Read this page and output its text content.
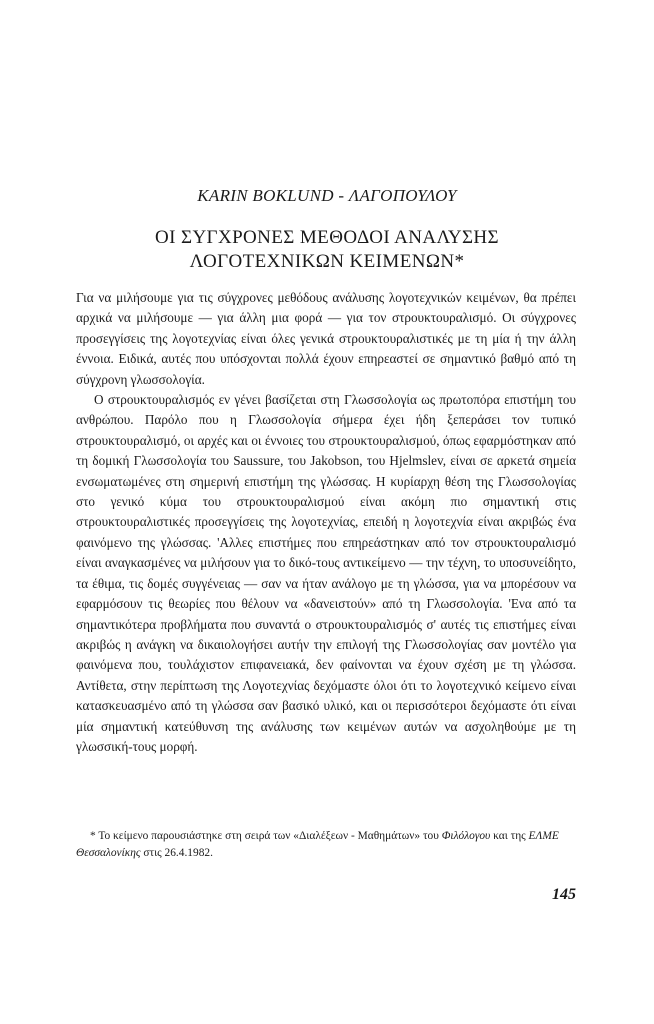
KARIN BOKLUND - ΛΑΓΟΠΟΥΛΟΥ
ΟΙ ΣΥΓΧΡΟΝΕΣ ΜΕΘΟΔΟΙ ΑΝΑΛΥΣΗΣ
ΛΟΓΟΤΕΧΝΙΚΩΝ ΚΕΙΜΕΝΩΝ*

Για να μιλήσουμε για τις σύγχρονες μεθόδους ανάλυσης λογοτεχνικών κειμένων, θα πρέπει αρχικά να μιλήσουμε — για άλλη μια φορά — για τον στρουκτουραλισμό. Οι σύγχρονες προσεγγίσεις της λογοτεχνίας είναι όλες γενικά στρουκτουραλιστικές με τη μία ή την άλλη έννοια. Ειδικά, αυτές που υπόσχονται πολλά έχουν επηρεαστεί σε σημαντικό βαθμό από τη σύγχρονη γλωσσολογία.

Ο στρουκτουραλισμός εν γένει βασίζεται στη Γλωσσολογία ως πρωτοπόρα επιστήμη του ανθρώπου. Παρόλο που η Γλωσσολογία σήμερα έχει ήδη ξεπεράσει τον τυπικό στρουκτουραλισμό, οι αρχές και οι έννοιες του στρουκτουραλισμού, όπως εφαρμόστηκαν από τη δομική Γλωσσολογία του Saussure, του Jakobson, του Hjelmslev, είναι σε αρκετά σημεία ενσωματωμένες στη σημερινή επιστήμη της γλώσσας. Η κυρίαρχη θέση της Γλωσσολογίας στο γενικό κύμα του στρουκτουραλισμού είναι ακόμη πιο σημαντική στις στρουκτουραλιστικές προσεγγίσεις της λογοτεχνίας, επειδή η λογοτεχνία είναι ακριβώς ένα φαινόμενο της γλώσσας. 'Αλλες επιστήμες που επηρεάστηκαν από τον στρουκτουραλισμό είναι αναγκασμένες να μιλήσουν για το δικό-τους αντικείμενο — την τέχνη, το υποσυνείδητο, τα έθιμα, τις δομές συγγένειας — σαν να ήταν ανάλογο με τη γλώσσα, για να μπορέσουν να εφαρμόσουν τις θεωρίες που θέλουν να «δανειστούν» από τη Γλωσσολογία. 'Ενα από τα σημαντικότερα προβλήματα που συναντά ο στρουκτουραλισμός σ' αυτές τις επιστήμες είναι ακριβώς η ανάγκη να δικαιολογήσει αυτήν την επιλογή της Γλωσσολογίας σαν μοντέλο για φαινόμενα που, τουλάχιστον επιφανειακά, δεν φαίνονται να έχουν σχέση με τη γλώσσα. Αντίθετα, στην περίπτωση της Λογοτεχνίας δεχόμαστε όλοι ότι το λογοτεχνικό κείμενο είναι κατασκευασμένο από τη γλώσσα σαν βασικό υλικό, και οι περισσότεροι δεχόμαστε ότι είναι μία σημαντική κατεύθυνση της ανάλυσης των κειμένων αυτών να ασχοληθούμε με τη γλωσσική-τους μορφή.

* Το κείμενο παρουσιάστηκε στη σειρά των «Διαλέξεων - Μαθημάτων» του Φιλόλογου και της ΕΛΜΕ Θεσσαλονίκης στις 26.4.1982.

145
